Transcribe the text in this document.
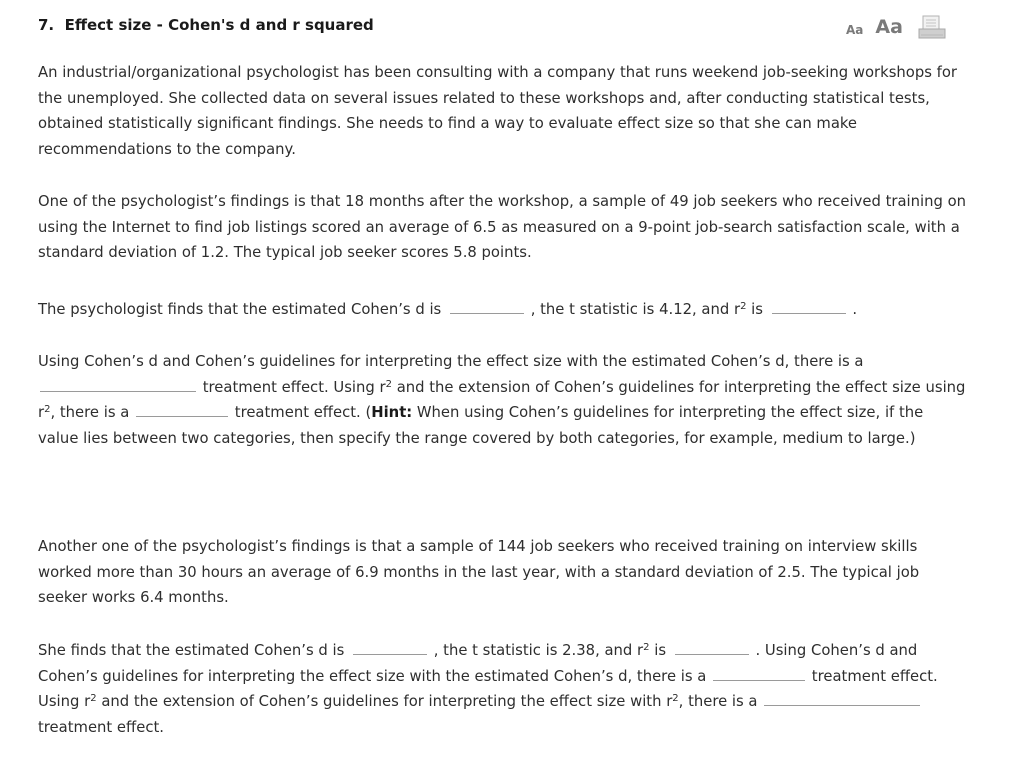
7. Effect size - Cohen's d and r squared	Aa Aa
An industrial/organizational psychologist has been consulting with a company that runs weekend job-seeking workshops for the unemployed. She collected data on several issues related to these workshops and, after conducting statistical tests, obtained statistically significant findings. She needs to find a way to evaluate effect size so that she can make recommendations to the company.
One of the psychologist’s findings is that 18 months after the workshop, a sample of 49 job seekers who received training on using the Internet to find job listings scored an average of 6.5 as measured on a 9-point job-search satisfaction scale, with a standard deviation of 1.2. The typical job seeker scores 5.8 points.
The psychologist finds that the estimated Cohen’s d is	, the t statistic is 4.12, and $r^2$ is	.
Using Cohen’s d and Cohen’s guidelines for interpreting the effect size with the estimated Cohen’s d, there is a  treatment effect. Using $r^2$ and the extension of Cohen’s guidelines for interpreting the effect size using $r^2$, there is a	treatment effect. (Hint: When using Cohen’s guidelines for interpreting the effect size, if the value lies between two categories, then specify the range covered by both categories, for example, medium to large.)
Another one of the psychologist’s findings is that a sample of 144 job seekers who received training on interview skills worked more than 30 hours an average of 6.9 months in the last year, with a standard deviation of 2.5. The typical job seeker works 6.4 months.
She finds that the estimated Cohen’s d is	, the t statistic is 2.38, and $r^2$ is	. Using Cohen’s d and Cohen’s guidelines for interpreting the effect size with the estimated Cohen’s d, there is a	treatment effect. Using $r^2$ and the extension of Cohen’s guidelines for interpreting the effect size with $r^2$, there is a  treatment effect.
